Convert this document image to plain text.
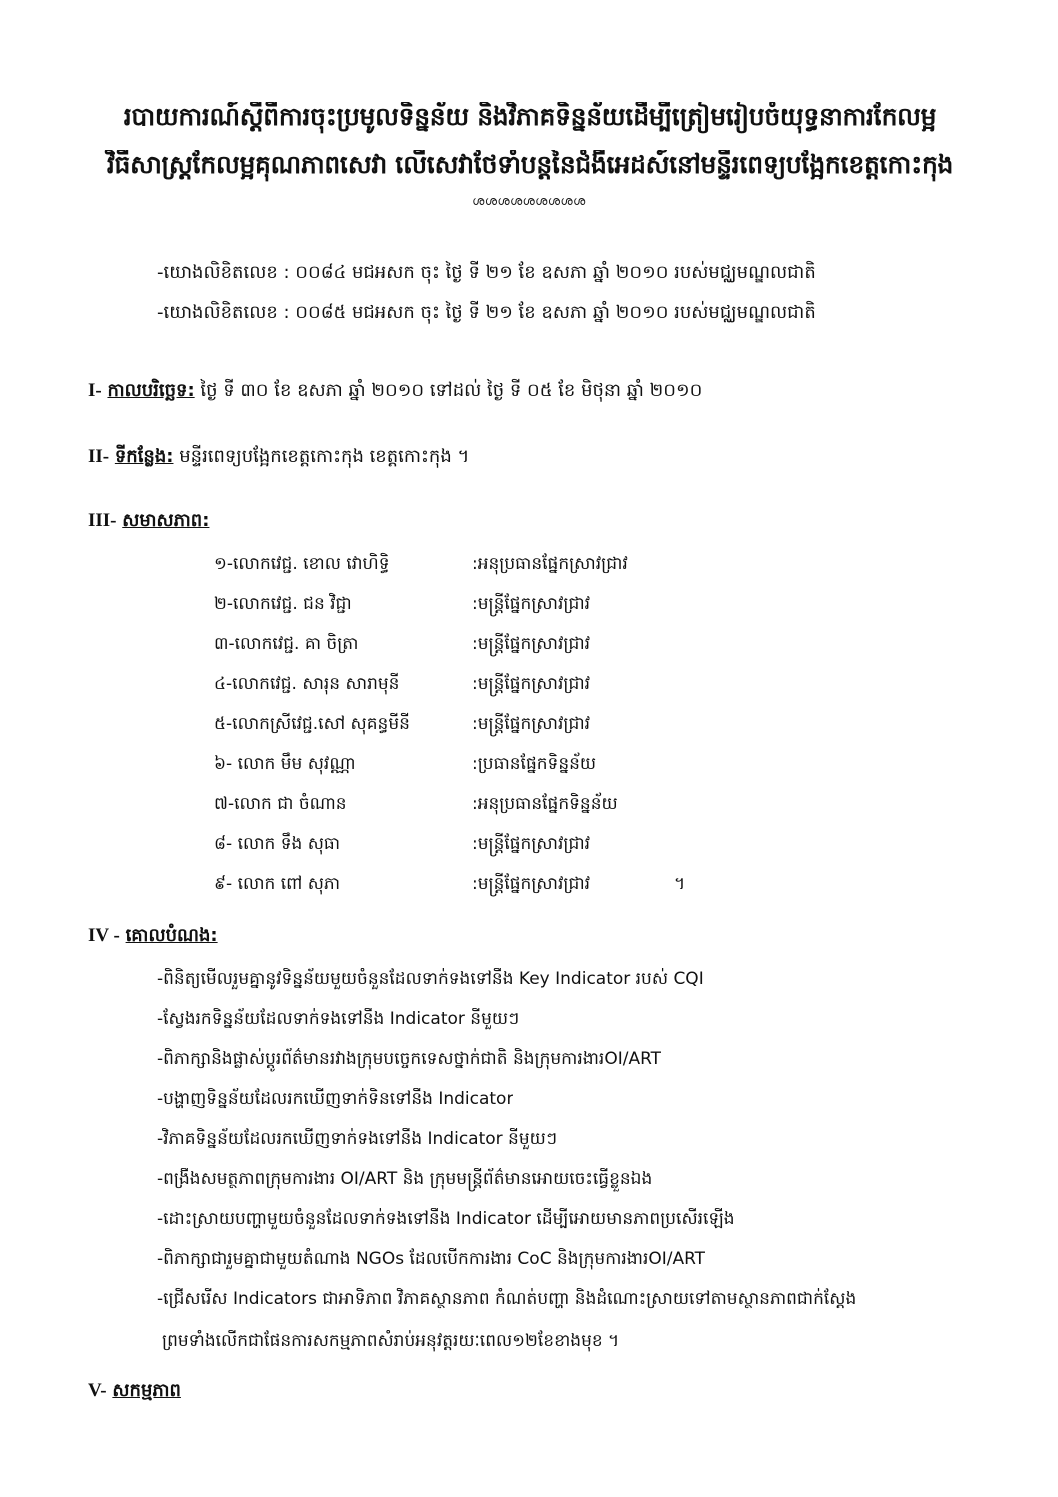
របាយការណ៍ស្តីពីការចុះប្រមូលទិន្នន័យ និងវិភាគទិន្នន័យដើម្បីត្រៀមរៀបចំយុទ្ធនាការកែលម្អ
វិធីសាស្ត្រកែលម្អគុណភាពសេវា លើសេវាថែទាំបន្តនៃជំងឺអេដស៍នៅមន្ទីរពេទ្យបង្អែកខេត្តកោះកុង
ശശശശശശശശശ
-យោងលិខិតលេខ : ០០៨៤ មជអសក ចុះ ថ្ងៃ ទី ២១ ខែ ឧសភា ឆ្នាំ ២០១០ របស់មជ្ឈមណ្ឌលជាតិ
-យោងលិខិតលេខ : ០០៨៥ មជអសក ចុះ ថ្ងៃ ទី ២១ ខែ ឧសភា ឆ្នាំ ២០១០ របស់មជ្ឈមណ្ឌលជាតិ
I- កាលបរិច្ឆេទ: ថ្ងៃ ទី ៣០ ខែ ឧសភា ឆ្នាំ ២០១០ ទៅដល់ ថ្ងៃ ទី ០៥ ខែ មិថុនា ឆ្នាំ ២០១០
II- ទីកន្លែង: មន្ទីរពេទ្យបង្អែកខេត្តកោះកុង ខេត្តកោះកុង ។
III- សមាសភាព:
១-លោកវេជ្ជ. ខោល វោហិទ្ធិ	:អនុប្រធានផ្នែកស្រាវជ្រាវ
២-លោកវេជ្ជ. ជន វិជ្ជា	:មន្ត្រីផ្នែកស្រាវជ្រាវ
៣-លោកវេជ្ជ. គា ចិត្រា	:មន្ត្រីផ្នែកស្រាវជ្រាវ
៤-លោកវេជ្ជ. សារុន សារាមុនី	:មន្ត្រីផ្នែកស្រាវជ្រាវ
៥-លោកស្រីវេជ្ជ.សៅ សុគន្ធមីនី	:មន្ត្រីផ្នែកស្រាវជ្រាវ
៦- លោក មឹម សុវណ្ណា	:ប្រធានផ្នែកទិន្នន័យ
៧-លោក ជា ចំណាន	:អនុប្រធានផ្នែកទិន្នន័យ
៨- លោក ទឹង សុធា	:មន្ត្រីផ្នែកស្រាវជ្រាវ
៩- លោក ពៅ សុភា	:មន្ត្រីផ្នែកស្រាវជ្រាវ	។
IV - គោលបំណង:
-ពិនិត្យមើលរួមគ្នានូវទិន្នន័យមួយចំនួនដែលទាក់ទងទៅនឹង Key Indicator របស់ CQI
-ស្វែងរកទិន្នន័យដែលទាក់ទងទៅនឹង Indicator នីមួយៗ
-ពិភាក្សានិងផ្លាស់ប្តូរព័ត៌មានរវាងក្រុមបច្ចេកទេសថ្នាក់ជាតិ និងក្រុមការងារOI/ART
-បង្ហាញទិន្នន័យដែលរកឃើញទាក់ទិនទៅនឹង Indicator
-វិភាគទិន្នន័យដែលរកឃើញទាក់ទងទៅនឹង Indicator នីមួយៗ
-ពង្រឹងសមត្ថភាពក្រុមការងារ OI/ART និង ក្រុមមន្ត្រីព័ត៌មានអោយចេះធ្វើខ្លួនឯង
-ដោះស្រាយបញ្ហាមួយចំនួនដែលទាក់ទងទៅនឹង Indicator ដើម្បីអោយមានភាពប្រសើរឡើង
-ពិភាក្សាជារួមគ្នាជាមួយតំណាង NGOs ដែលបើកការងារ CoC និងក្រុមការងារOI/ART
-ជ្រើសរើស Indicators ជាអាទិភាព វិភាគស្ថានភាព កំណត់បញ្ហា និងដំណោះស្រាយទៅតាមស្ថានភាពជាក់ស្តែង
ព្រមទាំងលើកជាផែនការសកម្មភាពសំរាប់អនុវត្តរយៈពេល១២ខែខាងមុខ ។
V- សកម្មភាព
